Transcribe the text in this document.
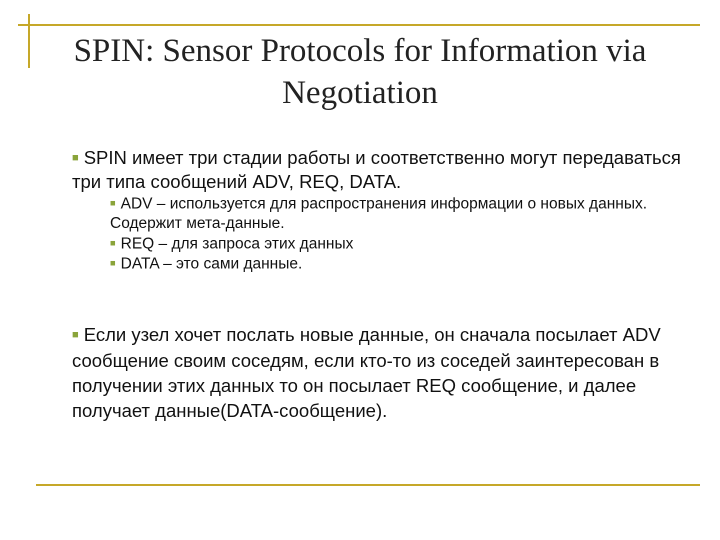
SPIN: Sensor Protocols for Information via Negotiation
■ SPIN имеет три стадии работы и соответственно могут передаваться три типа сообщений ADV, REQ, DATA.

■ ADV – используется для распространения информации о новых данных. Содержит мета-данные.

■ REQ – для запроса этих данных

■ DATA – это сами данные.

■ Если узел хочет послать новые данные, он сначала посылает ADV сообщение своим соседям, если кто-то из соседей заинтересован в получении этих данных то он посылает REQ сообщение, и далее получает данные(DATA-сообщение).
